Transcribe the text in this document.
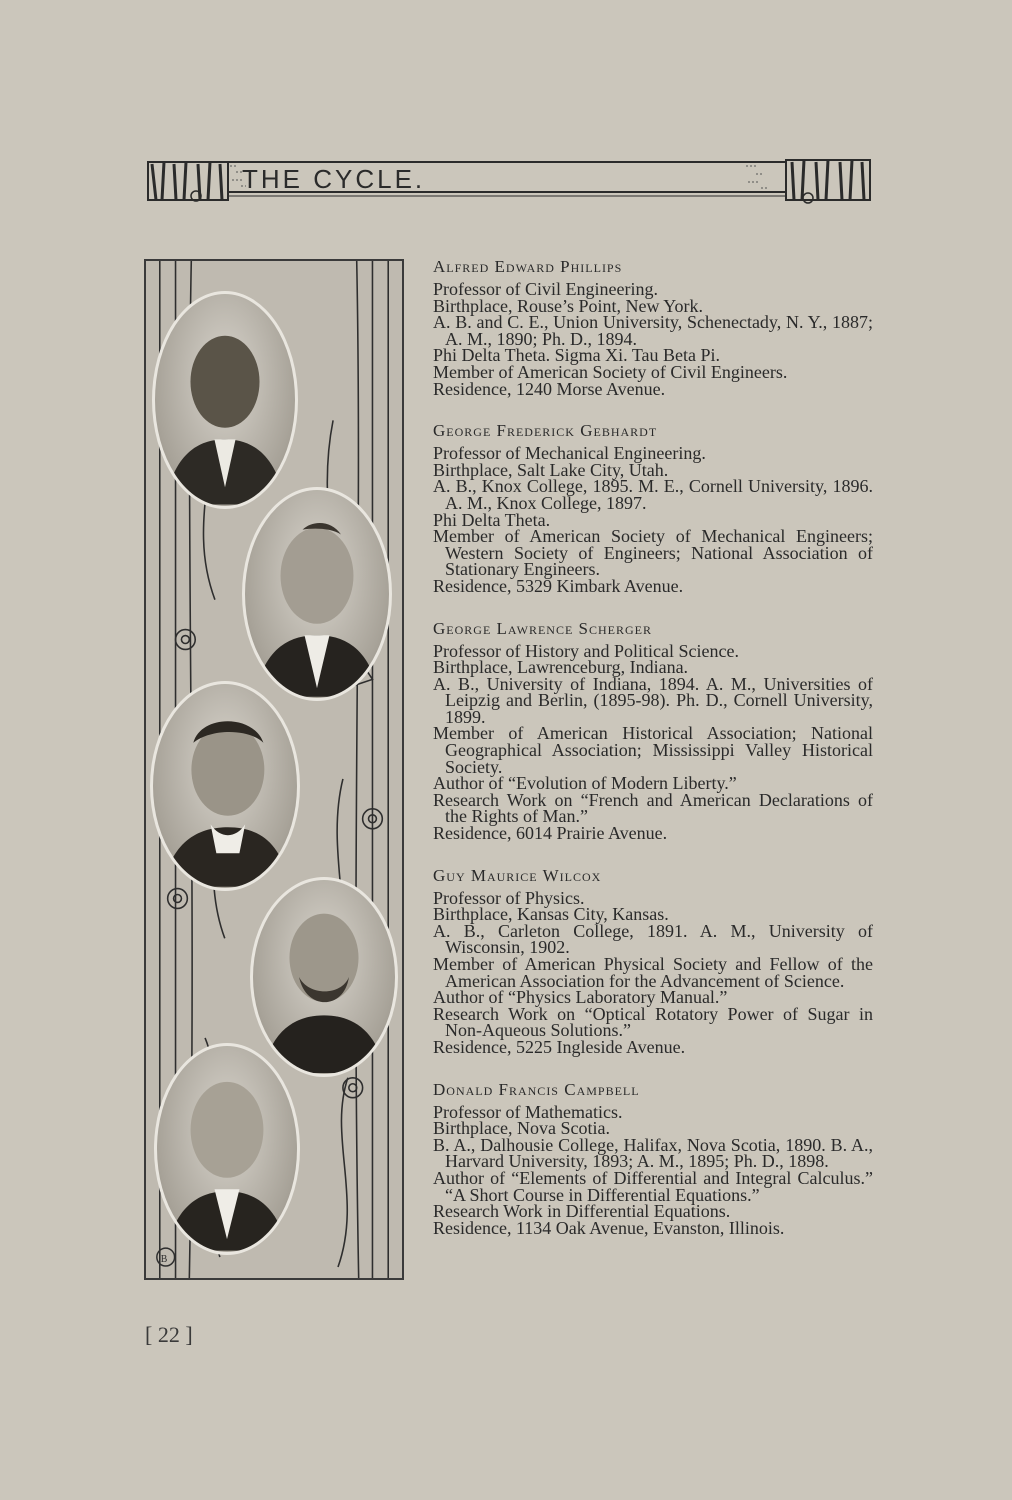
THE CYCLE.
B
Alfred Edward Phillips

Professor of Civil Engineering.

Birthplace, Rouse’s Point, New York.

A. B. and C. E., Union University, Schenectady, N. Y., 1887; A. M., 1890; Ph. D., 1894.

Phi Delta Theta. Sigma Xi. Tau Beta Pi.

Member of American Society of Civil Engineers.

Residence, 1240 Morse Avenue.

George Frederick Gebhardt

Professor of Mechanical Engineering.

Birthplace, Salt Lake City, Utah.

A. B., Knox College, 1895. M. E., Cornell University, 1896. A. M., Knox College, 1897.

Phi Delta Theta.

Member of American Society of Mechanical Engineers; Western Society of Engineers; National Association of Stationary Engineers.

Residence, 5329 Kimbark Avenue.

George Lawrence Scherger

Professor of History and Political Science.

Birthplace, Lawrenceburg, Indiana.

A. B., University of Indiana, 1894. A. M., Universities of Leipzig and Berlin, (1895-98). Ph. D., Cornell University, 1899.

Member of American Historical Association; National Geographical Association; Mississippi Valley Historical Society.

Author of “Evolution of Modern Liberty.”

Research Work on “French and American Declarations of the Rights of Man.”

Residence, 6014 Prairie Avenue.

Guy Maurice Wilcox

Professor of Physics.

Birthplace, Kansas City, Kansas.

A. B., Carleton College, 1891. A. M., University of Wisconsin, 1902.

Member of American Physical Society and Fellow of the American Association for the Advancement of Science.

Author of “Physics Laboratory Manual.”

Research Work on “Optical Rotatory Power of Sugar in Non-Aqueous Solutions.”

Residence, 5225 Ingleside Avenue.

Donald Francis Campbell

Professor of Mathematics.

Birthplace, Nova Scotia.

B. A., Dalhousie College, Halifax, Nova Scotia, 1890. B. A., Harvard University, 1893; A. M., 1895; Ph. D., 1898.

Author of “Elements of Differential and Integral Calculus.” “A Short Course in Differential Equations.”

Research Work in Differential Equations.

Residence, 1134 Oak Avenue, Evanston, Illinois.

[ 22 ]
